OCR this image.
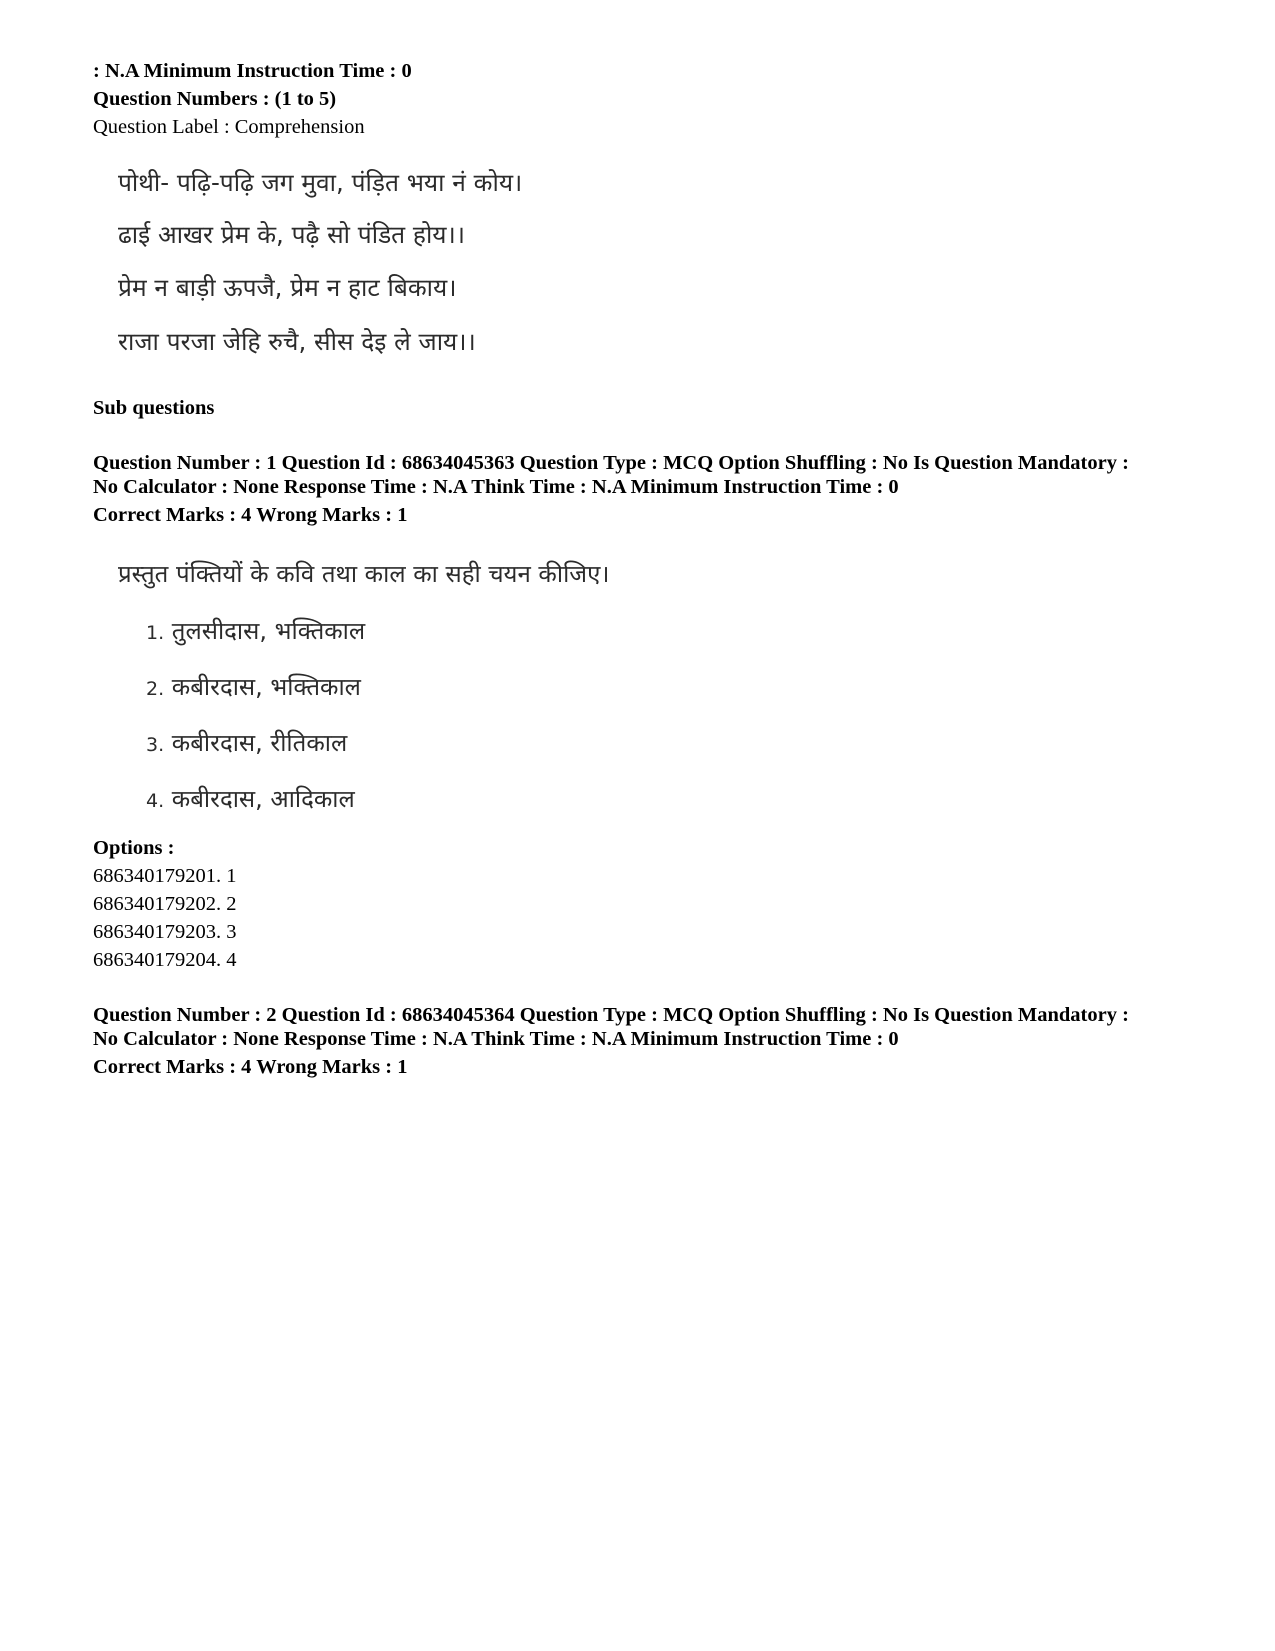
: N.A Minimum Instruction Time : 0
Question Numbers : (1 to 5)
Question Label : Comprehension
पोथी- पढ़ि-पढ़ि जग मुवा, पंड़ित भया नं कोय।
ढाई आखर प्रेम के, पढ़ै सो पंडित होय।।
प्रेम न बाड़ी ऊपजै, प्रेम न हाट बिकाय।
राजा परजा जेहि रुचै, सीस देइ ले जाय।।
Sub questions
Question Number : 1 Question Id : 68634045363 Question Type : MCQ Option Shuffling : No Is Question Mandatory :
No Calculator : None Response Time : N.A Think Time : N.A Minimum Instruction Time : 0
Correct Marks : 4 Wrong Marks : 1
प्रस्तुत पंक्तियों के कवि तथा काल का सही चयन कीजिए।
1. तुलसीदास, भक्तिकाल
2. कबीरदास, भक्तिकाल
3. कबीरदास, रीतिकाल
4. कबीरदास, आदिकाल
Options :
686340179201. 1
686340179202. 2
686340179203. 3
686340179204. 4
Question Number : 2 Question Id : 68634045364 Question Type : MCQ Option Shuffling : No Is Question Mandatory :
No Calculator : None Response Time : N.A Think Time : N.A Minimum Instruction Time : 0
Correct Marks : 4 Wrong Marks : 1
